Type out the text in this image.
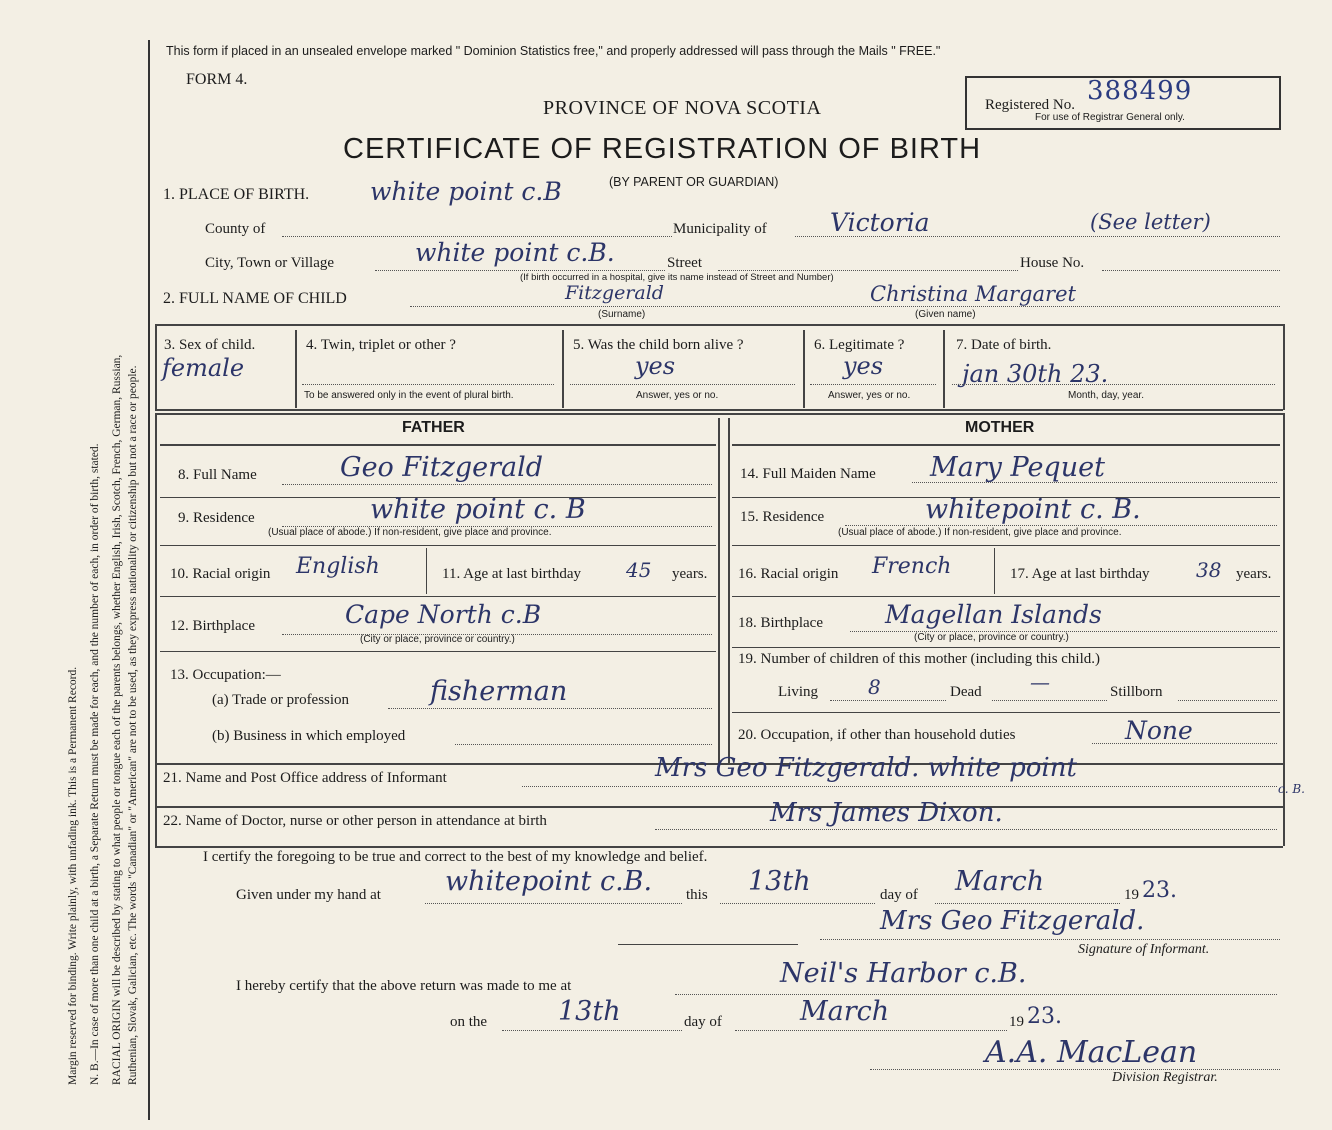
Margin reserved for binding. Write plainly, with unfading ink. This is a Permanent Record. N. B.—In case of more than one child at a birth, a Separate Return must be made for each, and the number of each, in order of birth, stated. RACIAL ORIGIN will be described by stating to what people or tongue each of the parents belongs, whether English, Irish, Scotch, French, German, Russian, Ruthenian, Slovak, Galician, etc. The words "Canadian" or "American" are not to be used, as they express nationality or citizenship but not a race or people.
This form if placed in an unsealed envelope marked " Dominion Statistics free," and properly addressed will pass through the Mails " FREE."
FORM 4.
PROVINCE OF NOVA SCOTIA
CERTIFICATE OF REGISTRATION OF BIRTH
(BY PARENT OR GUARDIAN)
Registered No. 388499
For use of Registrar General only.
1. PLACE OF BIRTH. white point c.B
County of	Municipality of	Victoria	(See letter)
City, Town or Village	white point c.B.	Street	House No.
(If birth occurred in a hospital, give its name instead of Street and Number)
2. FULL NAME OF CHILD	Fitzgerald	Christina Margaret
(Surname)	(Given name)
3. Sex of child.
female
4. Twin, triplet or other ?
To be answered only in the event of plural birth.
5. Was the child born alive ?
yes
Answer, yes or no.
6. Legitimate ?
yes
Answer, yes or no.
7. Date of birth.
jan 30th 23.
Month, day, year.
FATHER	MOTHER
8. Full Name	Geo Fitzgerald
9. Residence	white point c. B
(Usual place of abode.) If non-resident, give place and province.
10. Racial origin English	11. Age at last birthday 45 years.
12. Birthplace	Cape North c.B
(City or place, province or country.)
13. Occupation:—
(a) Trade or profession	fisherman
(b) Business in which employed
14. Full Maiden Name Mary Pequet
15. Residence	whitepoint c. B.
(Usual place of abode.) If non-resident, give place and province.
16. Racial origin French	17. Age at last birthday 38 years.
18. Birthplace Magellan Islands
(City or place, province or country.)
19. Number of children of this mother (including this child.)
Living	8	Dead —	Stillborn
20. Occupation, if other than household duties	None
21. Name and Post Office address of Informant	Mrs Geo Fitzgerald. white point
c. B.
22. Name of Doctor, nurse or other person in attendance at birth	Mrs James Dixon.
I certify the foregoing to be true and correct to the best of my knowledge and belief.
Given under my hand at whitepoint c.B. this 13th	day of March	19 23.
Mrs Geo Fitzgerald.
Signature of Informant.
I hereby certify that the above return was made to me at	Neil's Harbor c.B.
on the	13th	day of	March	19 23.
A.A. MacLean
Division Registrar.
